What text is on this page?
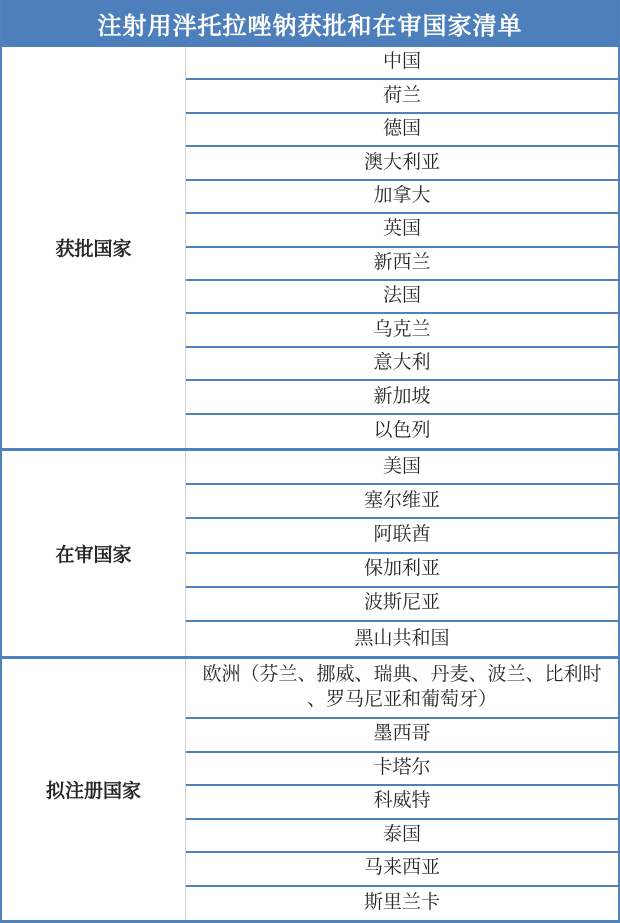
注射用泮托拉唑钠获批和在审国家清单
获批国家
中国
荷兰
德国
澳大利亚
加拿大
英国
新西兰
法国
乌克兰
意大利
新加坡
以色列
在审国家
美国
塞尔维亚
阿联酋
保加利亚
波斯尼亚
黑山共和国
拟注册国家
欧洲（芬兰、挪威、瑞典、丹麦、波兰、比利时、罗马尼亚和葡萄牙）
墨西哥
卡塔尔
科威特
泰国
马来西亚
斯里兰卡
